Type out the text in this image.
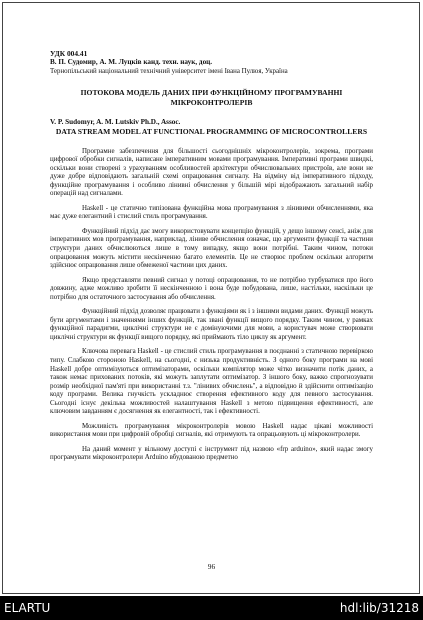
УДК 004.41
В. П. Судомир, А. М. Луцків канд. техн. наук, доц.
Тернопільський національний технічний університет імені Івана Пулюя, Україна
ПОТОКОВА МОДЕЛЬ ДАНИХ ПРИ ФУНКЦІЙНОМУ ПРОГРАМУВАННІ МІКРОКОНТРОЛЕРІВ
V. P. Sudomyr, A. M. Lutskiv Ph.D., Assoc.
DATA STREAM MODEL AT FUNCTIONAL PROGRAMMING OF MICROCONTROLLERS

Програмне забезпечення для більшості сьогоднішніх мікроконтролерів, зокрема, програми цифрової обробки сигналів, написане імперативним мовами програмування. Імперативні програми швидкі, оскільки вони створені з урахуванням особливостей архітектури обчислювальних пристроїв, але вони не дуже добре відповідають загальній схемі опрацювання сигналу. На відміну від імперативного підходу, функційне програмування і особливо лінивні обчислення у більшій мірі відображають загальний набір операцій над сигналами.

Haskell - це статично типізована функційна мова програмування з лінивими обчисленнями, яка має дуже елегантний і стислий стиль програмування.

Функційний підхід дає змогу використовувати концепцію функцій, у дещо іншому сенсі, аніж для імперативних мов програмування, наприклад, лінивe обчислення означає, що аргументи функції та частини структури даних обчислюються лише в тому випадку, якщо вони потрібні. Таким чином, потоки опрацювання можуть містити нескінченно багато елементів. Це не створює проблем оскільки алгоритм здійснює опрацювання лише обмеженої частини цих даних.

Якщо представляти певний сигнал у потоці опрацювання, то не потрібно турбуватися про його довжину, адже можливо зробити її нескінченною і вона буде побудована, лише, настільки, наскільки це потрібно для остаточного застосування або обчислення.

Функційний підхід дозволяє працювати з функціями як і з іншими видами даних. Функції можуть бути аргументами і значеннями інших функцій, так звані функції вищого порядку. Таким чином, у рамках функційної парадигми, циклічні структури не є домінуючими для мови, а користувач може створювати циклічні структури як функції вищого порядку, які приймають тіло циклу як аргумент.

Ключова перевага Haskell - це стислий стиль програмування в поєднанні з статичною перевіркою типу. Слабкою стороною Haskell, на сьогодні, є низька продуктивність. З одного боку програми на мові Haskell добре оптимізуються оптимізаторами, оскільки компілятор може чітко визначити потік даних, а також немає прихованих потоків, які можуть заплутати оптимізатор. З іншого боку, важко спрогнозувати розмір необхідної пам'яті при використанні т.з. "лінивих обчислень", а відповідно й здійснити оптимізацію коду програми. Велика гнучкість ускладнює створення ефективного коду для певного застосування. Сьогодні існує декілька можливостей налаштування Haskell з метою підвищення ефективності, але ключовим завданням є досягнення як елегантності, так і ефективності.

Можливість програмування мікроконтролерів мовою Haskell надає цікаві можливості використання мови при цифровій обробці сигналів, які отримують та опрацьовують ці мікроконтролери.

На даний момент у вільному доступі є інструмент під назвою «frp arduino», який надає змогу програмувати мікроконтролери Arduino вбудованою предметно

96
ELARTU	hdl:lib/31218
